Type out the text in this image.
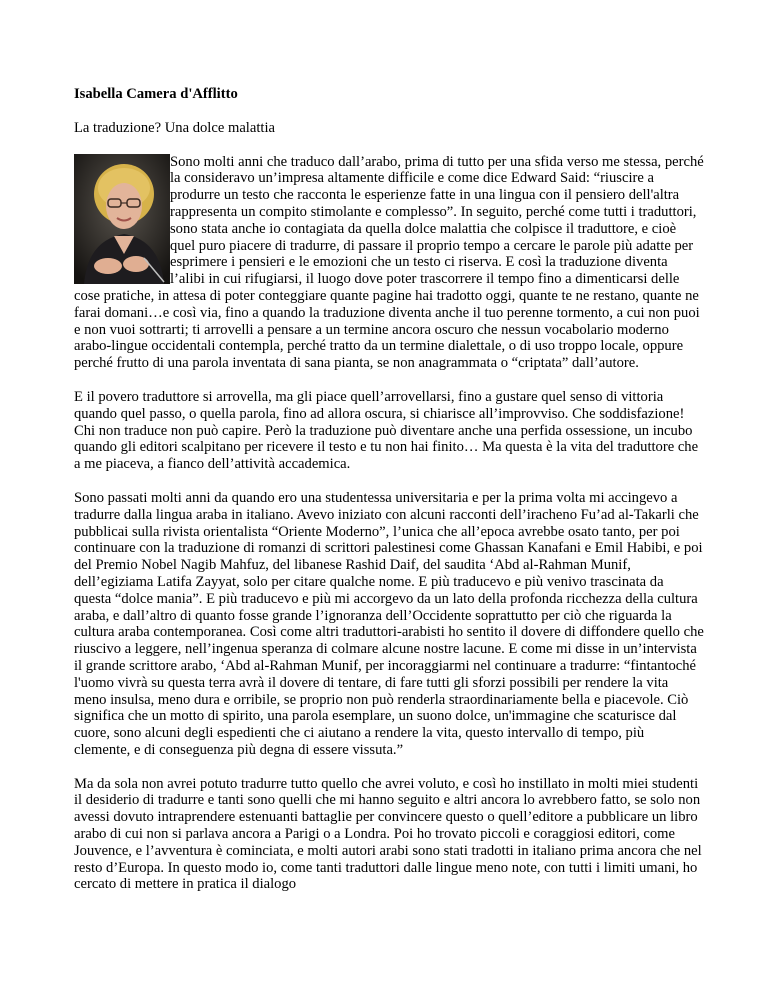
Isabella Camera d'Afflitto

La traduzione? Una dolce malattia

Sono molti anni che traduco dall’arabo, prima di tutto per una sfida verso me stessa, perché la consideravo un’impresa altamente difficile e come dice Edward Said: “riuscire a produrre un testo che racconta le esperienze fatte in una lingua con il pensiero dell'altra rappresenta un compito stimolante e complesso”. In seguito, perché come tutti i traduttori, sono stata anche io contagiata da quella dolce malattia che colpisce il traduttore, e cioè quel puro piacere di tradurre, di passare il proprio tempo a cercare le parole più adatte per esprimere i pensieri e le emozioni che un testo ci riserva. E così la traduzione diventa l’alibi in cui rifugiarsi, il luogo dove poter trascorrere il tempo fino a dimenticarsi delle cose pratiche, in attesa di poter conteggiare quante pagine hai tradotto oggi, quante te ne restano, quante ne farai domani…e così via, fino a quando la traduzione diventa anche il tuo perenne tormento, a cui non puoi e non vuoi sottrarti; ti arrovelli a pensare a un termine ancora oscuro che nessun vocabolario moderno arabo-lingue occidentali contempla, perché tratto da un termine dialettale, o di uso troppo locale, oppure perché frutto di una parola inventata di sana pianta, se non anagrammata o “criptata” dall’autore.

E il povero traduttore si arrovella, ma gli piace quell’arrovellarsi, fino a gustare quel senso di vittoria quando quel passo, o quella parola, fino ad allora oscura, si chiarisce all’improvviso. Che soddisfazione! Chi non traduce non può capire. Però la traduzione può diventare anche una perfida ossessione, un incubo quando gli editori scalpitano per ricevere il testo e tu non hai finito… Ma questa è la vita del traduttore che a me piaceva, a fianco dell’attività accademica.

Sono passati molti anni da quando ero una studentessa universitaria e per la prima volta mi accingevo a tradurre dalla lingua araba in italiano. Avevo iniziato con alcuni racconti dell’iracheno Fu’ad al-Takarli che pubblicai sulla rivista orientalista “Oriente Moderno”, l’unica che all’epoca avrebbe osato tanto, per poi continuare con la traduzione di romanzi di scrittori palestinesi come Ghassan Kanafani e Emil Habibi, e poi del Premio Nobel Nagib Mahfuz, del libanese Rashid Daif, del saudita ‘Abd al-Rahman Munif, dell’egiziama Latifa Zayyat, solo per citare qualche nome. E più traducevo e più venivo trascinata da questa “dolce mania”. E più traducevo e più mi accorgevo da un lato della profonda ricchezza della cultura araba, e dall’altro di quanto fosse grande l’ignoranza dell’Occidente soprattutto per ciò che riguarda la cultura araba contemporanea. Così come altri traduttori-arabisti ho sentito il dovere di diffondere quello che riuscivo a leggere, nell’ingenua speranza di colmare alcune nostre lacune. E come mi disse in un’intervista il grande scrittore arabo, ‘Abd al-Rahman Munif, per incoraggiarmi nel continuare a tradurre: “fintantoché l'uomo vivrà su questa terra avrà il dovere di tentare, di fare tutti gli sforzi possibili per rendere la vita meno insulsa, meno dura e orribile, se proprio non può renderla straordinariamente bella e piacevole. Ciò significa che un motto di spirito, una parola esemplare, un suono dolce, un'immagine che scaturisce dal cuore, sono alcuni degli espedienti che ci aiutano a rendere la vita, questo intervallo di tempo, più clemente, e di conseguenza più degna di essere vissuta.”

Ma da sola non avrei potuto tradurre tutto quello che avrei voluto, e così ho instillato in molti miei studenti il desiderio di tradurre e tanti sono quelli che mi hanno seguito e altri ancora lo avrebbero fatto, se solo non avessi dovuto intraprendere estenuanti battaglie per convincere questo o quell’editore a pubblicare un libro arabo di cui non si parlava ancora a Parigi o a Londra. Poi ho trovato piccoli e coraggiosi editori, come Jouvence, e l’avventura è cominciata, e molti autori arabi sono stati tradotti in italiano prima ancora che nel resto d’Europa. In questo modo io, come tanti traduttori dalle lingue meno note, con tutti i limiti umani, ho cercato di mettere in pratica il dialogo
